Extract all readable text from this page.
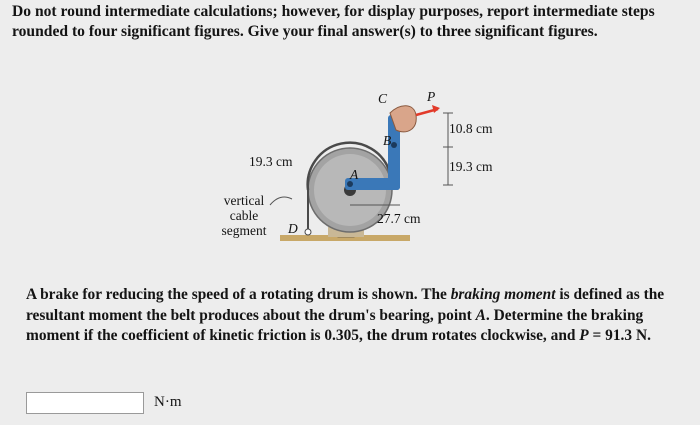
Do not round intermediate calculations; however, for display purposes, report intermediate steps rounded to four significant figures. Give your final answer(s) to three significant figures.
C	P
B
A
D
10.8 cm
19.3 cm	19.3 cm
27.7 cm
vertical cable segment
A brake for reducing the speed of a rotating drum is shown. The braking moment is defined as the resultant moment the belt produces about the drum's bearing, point A. Determine the braking moment if the coefficient of kinetic friction is 0.305, the drum rotates clockwise, and P = 91.3 N.
N·m
